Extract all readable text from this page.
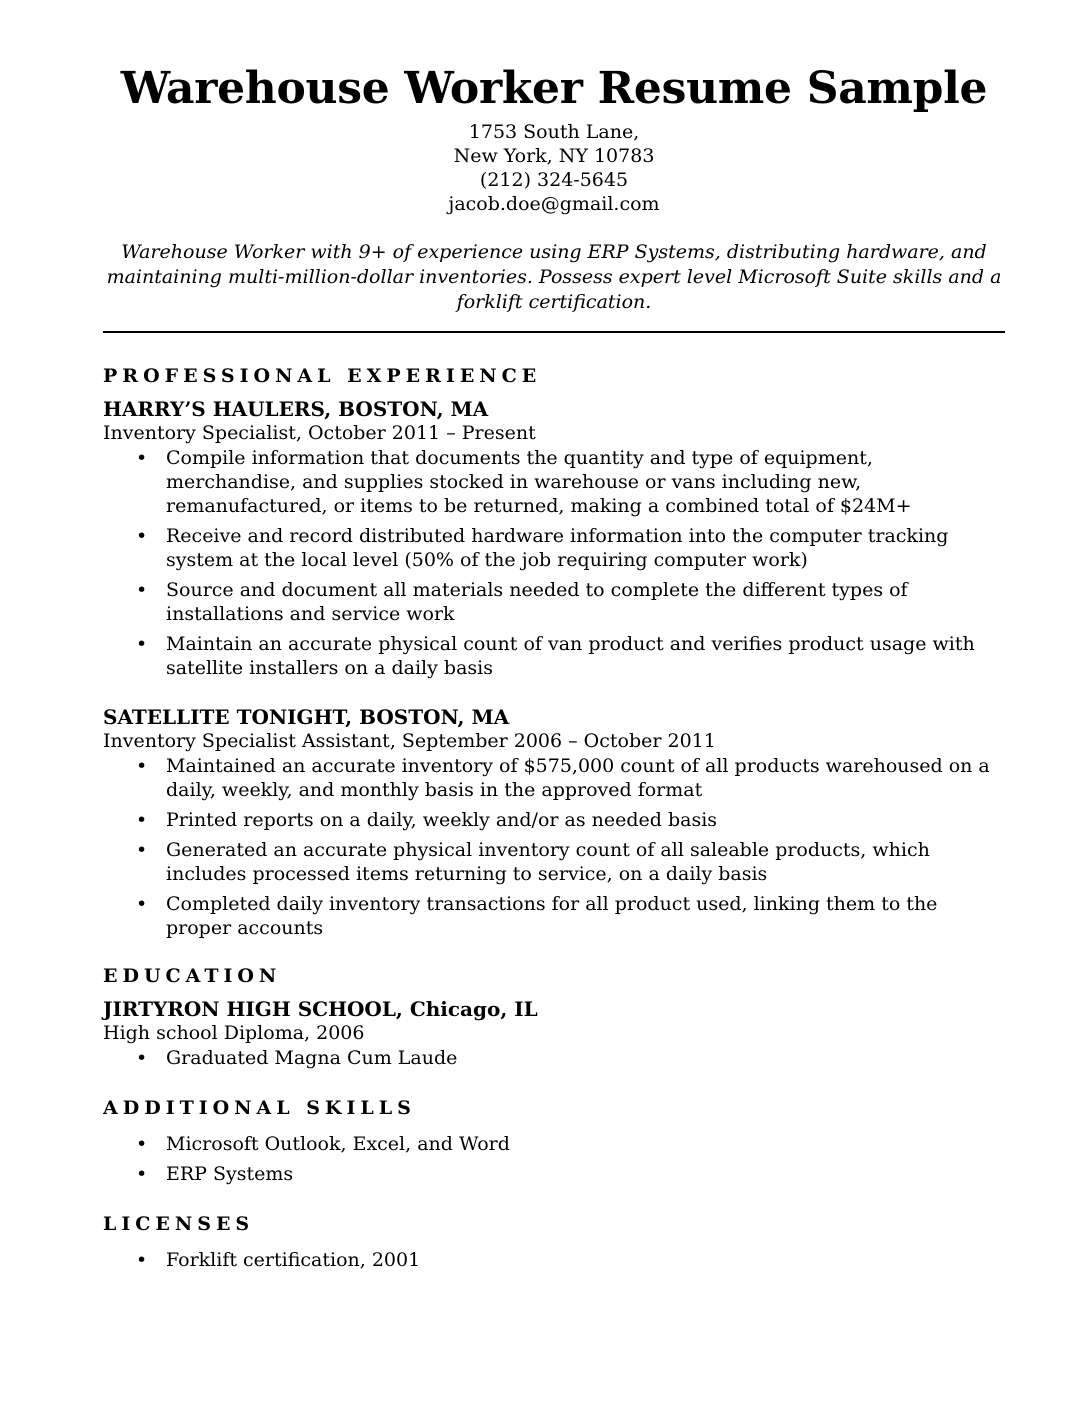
Warehouse Worker Resume Sample
1753 South Lane,
New York, NY 10783
(212) 324-5645
jacob.doe@gmail.com
Warehouse Worker with 9+ of experience using ERP Systems, distributing hardware, and maintaining multi-million-dollar inventories. Possess expert level Microsoft Suite skills and a forklift certification.
PROFESSIONAL EXPERIENCE
HARRY’S HAULERS, BOSTON, MA
Inventory Specialist, October 2011 – Present
• Compile information that documents the quantity and type of equipment, merchandise, and supplies stocked in warehouse or vans including new, remanufactured, or items to be returned, making a combined total of $24M+
• Receive and record distributed hardware information into the computer tracking system at the local level (50% of the job requiring computer work)
• Source and document all materials needed to complete the different types of installations and service work
• Maintain an accurate physical count of van product and verifies product usage with satellite installers on a daily basis
SATELLITE TONIGHT, BOSTON, MA
Inventory Specialist Assistant, September 2006 – October 2011
• Maintained an accurate inventory of $575,000 count of all products warehoused on a daily, weekly, and monthly basis in the approved format
• Printed reports on a daily, weekly and/or as needed basis
• Generated an accurate physical inventory count of all saleable products, which includes processed items returning to service, on a daily basis
• Completed daily inventory transactions for all product used, linking them to the proper accounts
EDUCATION
JIRTYRON HIGH SCHOOL, Chicago, IL
High school Diploma, 2006
• Graduated Magna Cum Laude
ADDITIONAL SKILLS
• Microsoft Outlook, Excel, and Word
• ERP Systems
LICENSES
• Forklift certification, 2001
